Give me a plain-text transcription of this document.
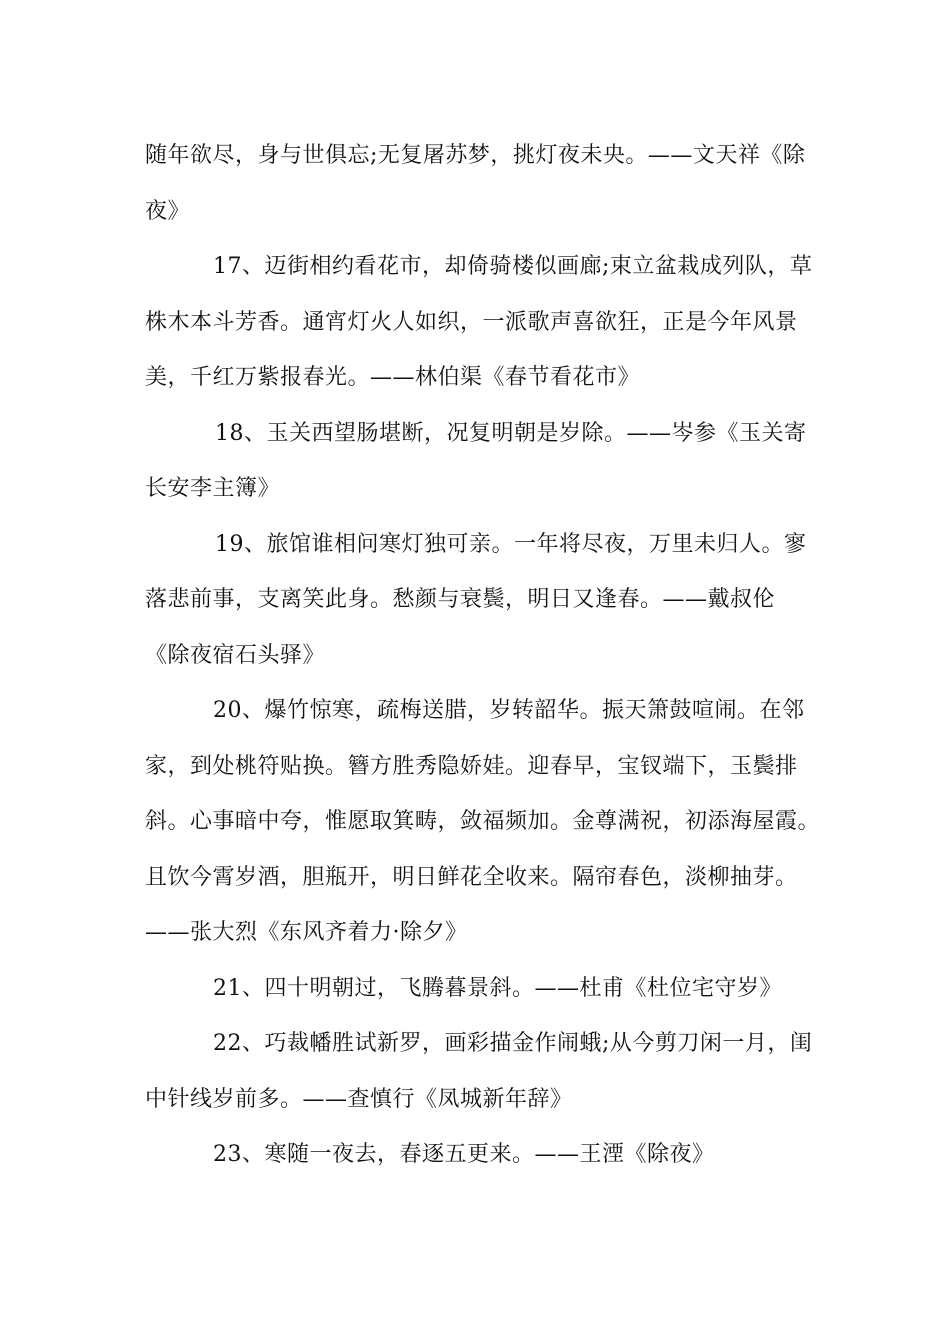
随年欲尽，身与世俱忘;无复屠苏梦，挑灯夜未央。——文天祥《除
夜》

17、迈街相约看花市，却倚骑楼似画廊;束立盆栽成列队，草
株木本斗芳香。通宵灯火人如织，一派歌声喜欲狂，正是今年风景
美，千红万紫报春光。——林伯渠《春节看花市》

18、玉关西望肠堪断，况复明朝是岁除。——岑参《玉关寄
长安李主簿》

19、旅馆谁相问寒灯独可亲。一年将尽夜，万里未归人。寥
落悲前事，支离笑此身。愁颜与衰鬓，明日又逢春。——戴叔伦
《除夜宿石头驿》

20、爆竹惊寒，疏梅送腊，岁转韶华。振天箫鼓喧闹。在邻
家，到处桃符贴换。簪方胜秀隐娇娃。迎春早，宝钗端下，玉鬓排
斜。心事暗中夸，惟愿取箕畴，敛福频加。金尊满祝，初添海屋霞。
且饮今霄岁酒，胆瓶开，明日鲜花全收来。隔帘春色，淡柳抽芽。
——张大烈《东风齐着力·除夕》

21、四十明朝过，飞腾暮景斜。——杜甫《杜位宅守岁》

22、巧裁幡胜试新罗，画彩描金作闹蛾;从今剪刀闲一月，闺
中针线岁前多。——查慎行《凤城新年辞》

23、寒随一夜去，春逐五更来。——王湮《除夜》
